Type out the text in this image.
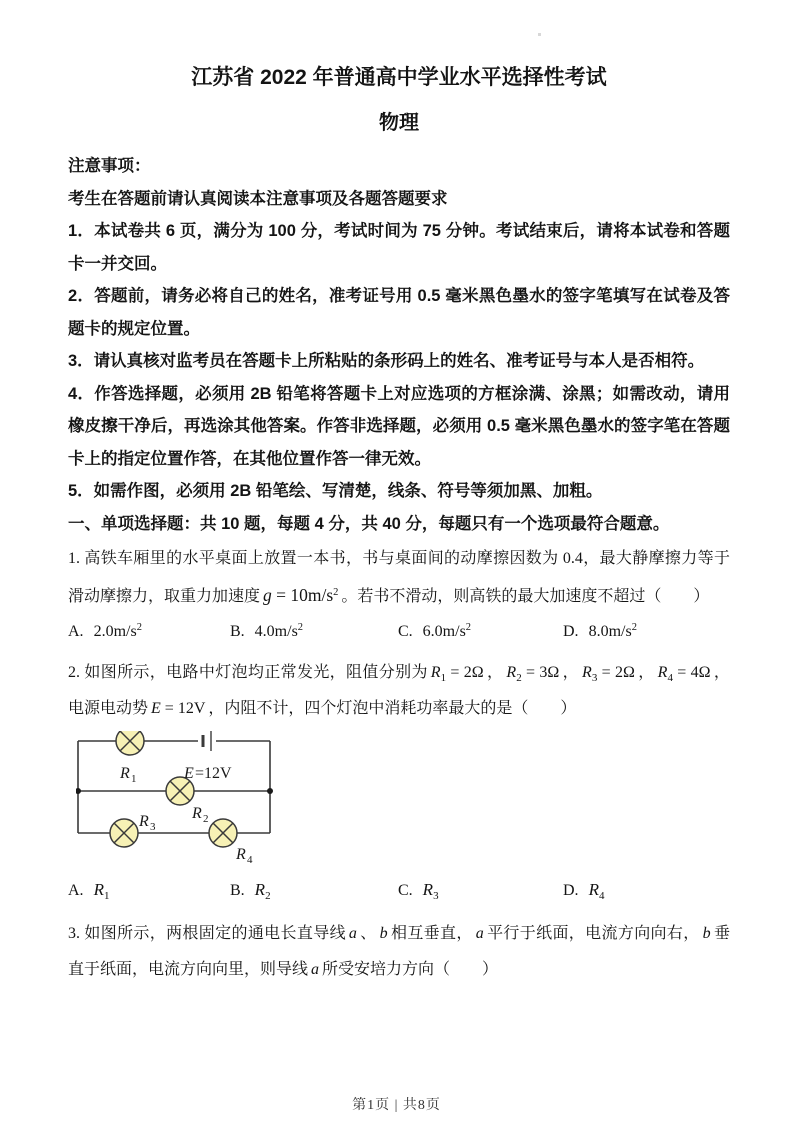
江苏省 2022 年普通高中学业水平选择性考试
物理

注意事项：

考生在答题前请认真阅读本注意事项及各题答题要求

1．本试卷共 6 页，满分为 100 分，考试时间为 75 分钟。考试结束后，请将本试卷和答题卡一并交回。

2．答题前，请务必将自己的姓名，准考证号用 0.5 毫米黑色墨水的签字笔填写在试卷及答题卡的规定位置。

3．请认真核对监考员在答题卡上所粘贴的条形码上的姓名、准考证号与本人是否相符。

4．作答选择题，必须用 2B 铅笔将答题卡上对应选项的方框涂满、涂黑；如需改动，请用橡皮擦干净后，再选涂其他答案。作答非选择题，必须用 0.5 毫米黑色墨水的签字笔在答题卡上的指定位置作答，在其他位置作答一律无效。

5．如需作图，必须用 2B 铅笔绘、写清楚，线条、符号等须加黑、加粗。

一、单项选择题：共 10 题，每题 4 分，共 40 分，每题只有一个选项最符合题意。

1. 高铁车厢里的水平桌面上放置一本书，书与桌面间的动摩擦因数为 0.4，最大静摩擦力等于滑动摩擦力，取重力加速度 $g = 10m/s^2$ 。若书不滑动，则高铁的最大加速度不超过（　　）

A. $2.0m/s^2$	B. $4.0m/s^2$	C. $6.0m/s^2$	D. $8.0m/s^2$

2. 如图所示，电路中灯泡均正常发光，阻值分别为 $R_1 = 2\Omega$ ， $R_2 = 3\Omega$ ， $R_3 = 2\Omega$ ， $R_4 = 4\Omega$ ，电源电动势 E = 12V ，内阻不计，四个灯泡中消耗功率最大的是（　　）

R 1	E =12V
R 2
R 3
R 4
A. $R_1$	B. $R_2$	C. $R_3$	D. $R_4$

3. 如图所示，两根固定的通电长直导线 a 、 b 相互垂直， a 平行于纸面，电流方向向右， b 垂直于纸面，电流方向向里，则导线 a 所受安培力方向（　　）

第1页 | 共8页
